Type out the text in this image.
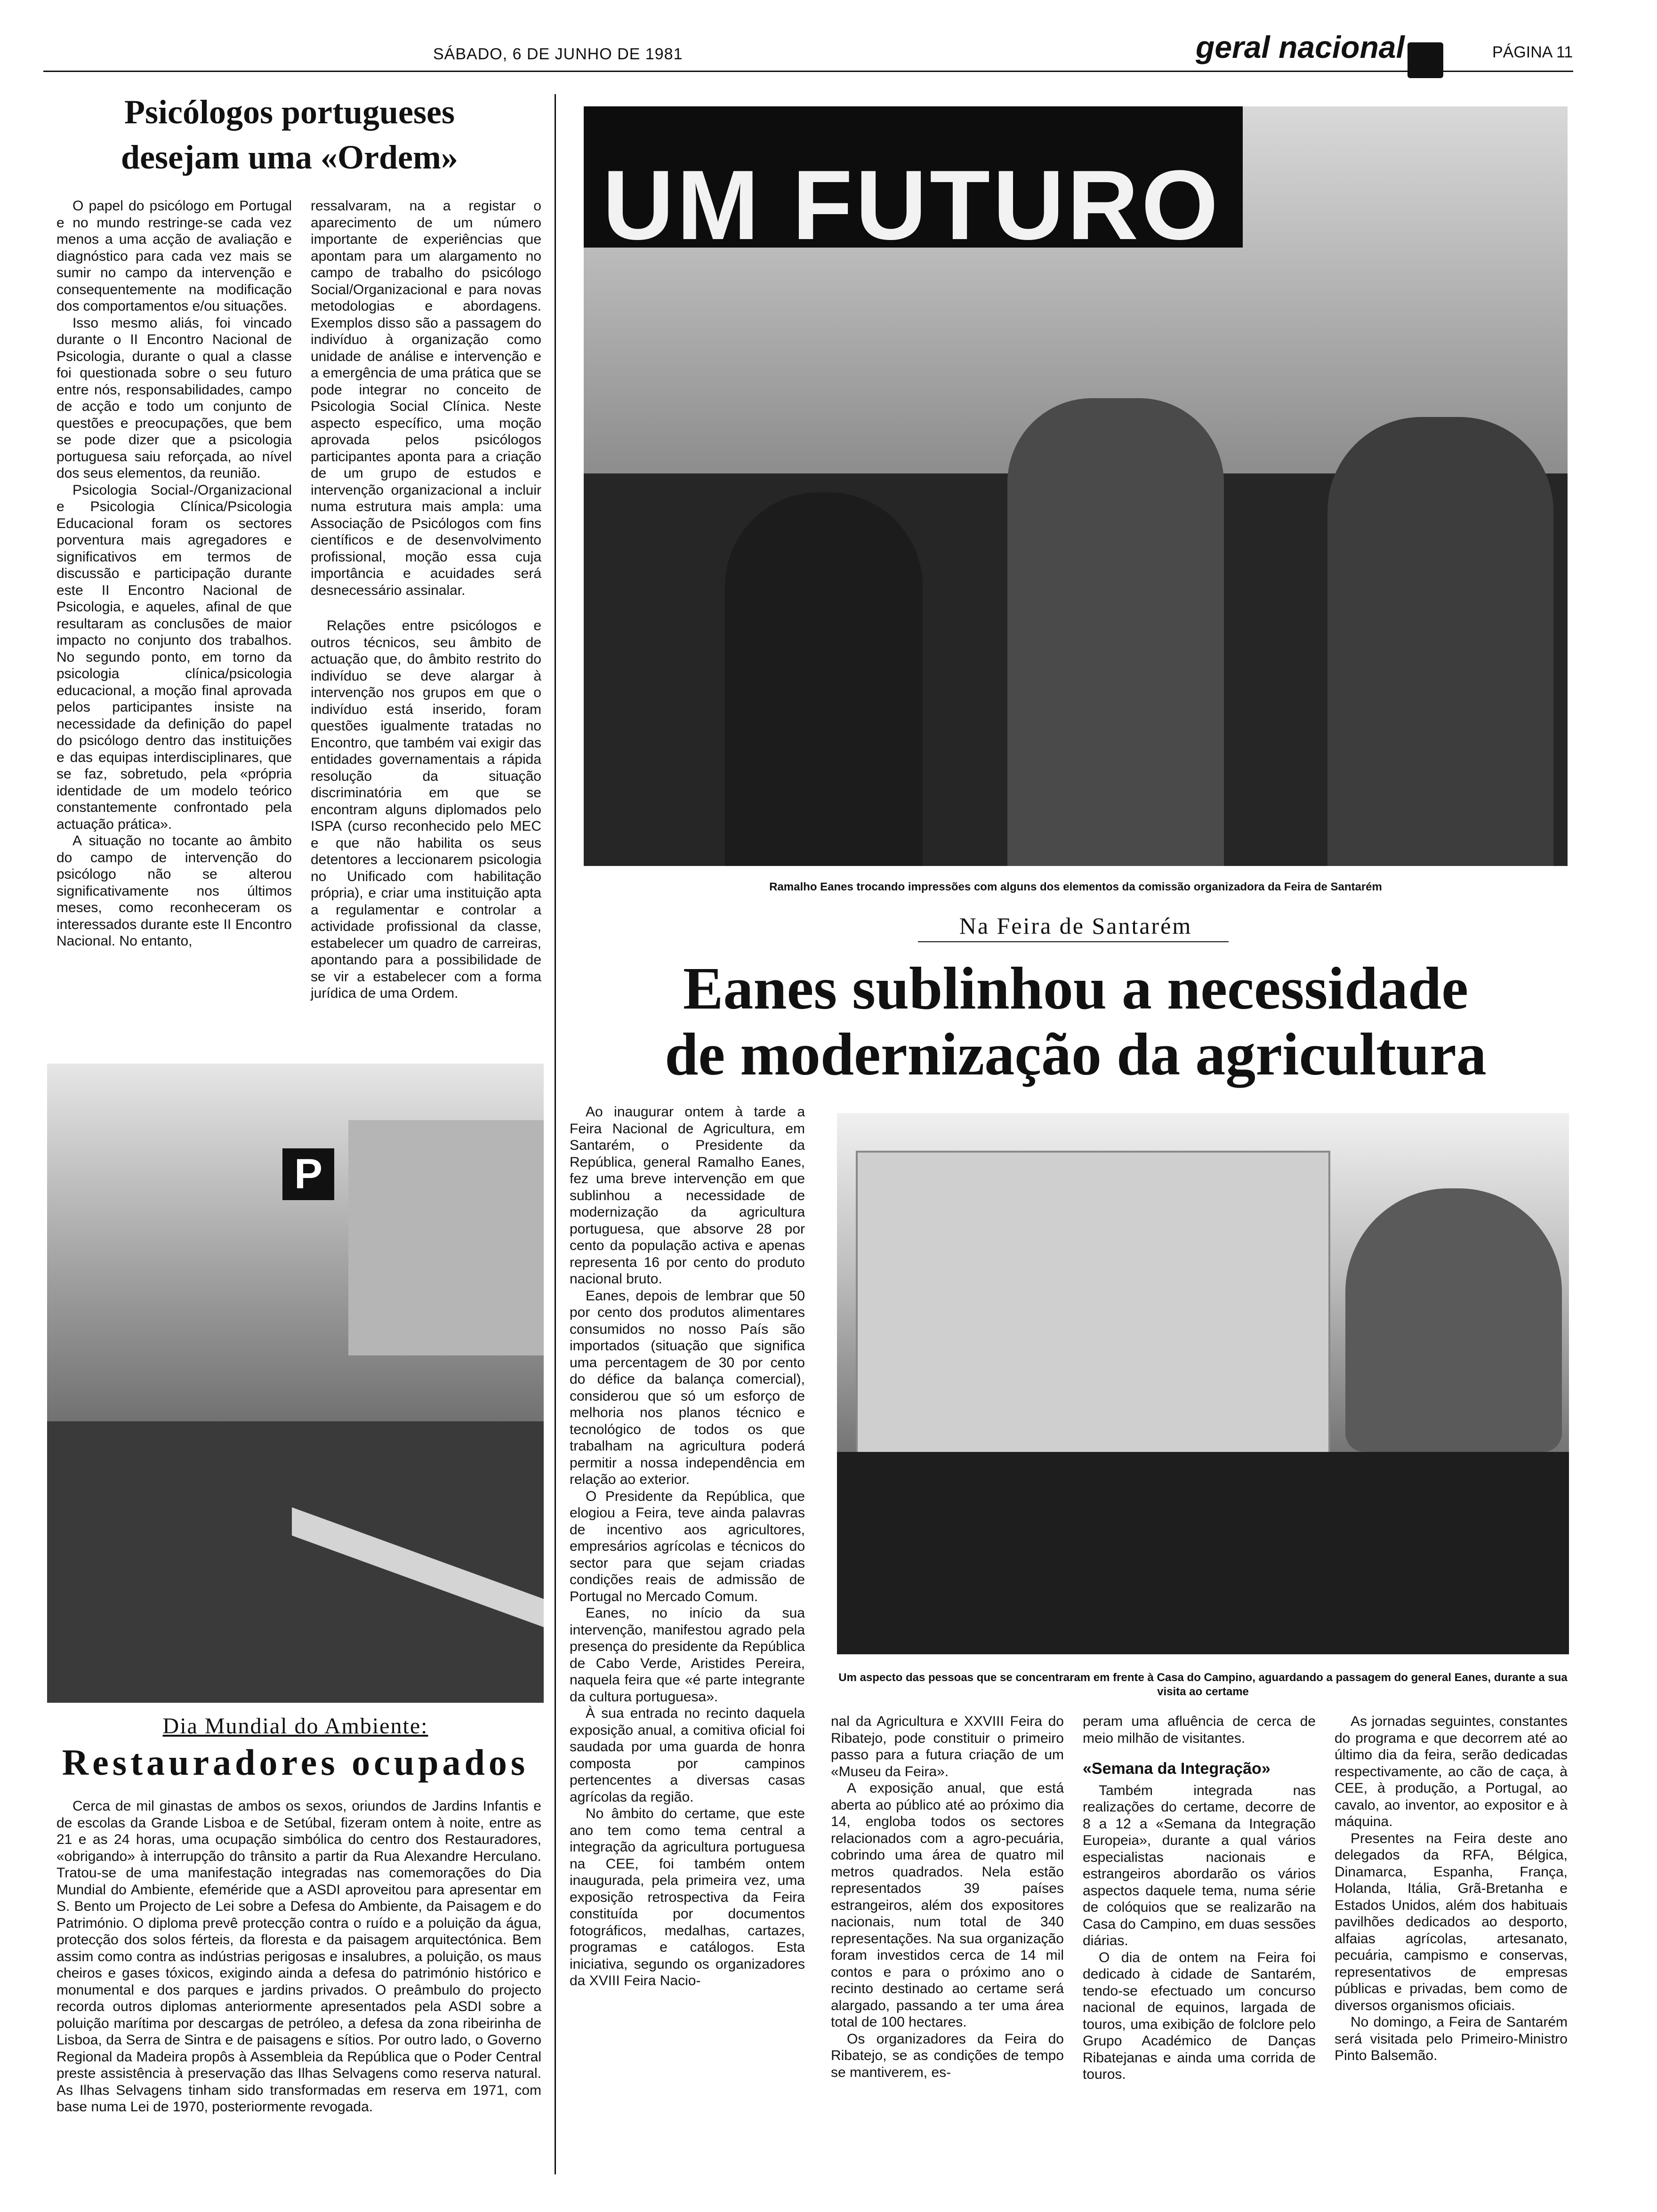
SÁBADO, 6 DE JUNHO DE 1981	geral nacional	PÁGINA 11
Psicólogos portugueses
desejam uma «Ordem»

O papel do psicólogo em Portugal e no mundo restringe-se cada vez menos a uma acção de avaliação e diagnóstico para cada vez mais se sumir no campo da intervenção e consequentemente na modificação dos comportamentos e/ou situações.

Isso mesmo aliás, foi vincado durante o II Encontro Nacional de Psicologia, durante o qual a classe foi questionada sobre o seu futuro entre nós, responsabilidades, campo de acção e todo um conjunto de questões e preocupações, que bem se pode dizer que a psicologia portuguesa saiu reforçada, ao nível dos seus elementos, da reunião.

Psicologia Social-/Organizacional e Psicologia Clínica/Psicologia Educacional foram os sectores porventura mais agregadores e significativos em termos de discussão e participação durante este II Encontro Nacional de Psicologia, e aqueles, afinal de que resultaram as conclusões de maior impacto no conjunto dos trabalhos. No segundo ponto, em torno da psicologia clínica/psicologia educacional, a moção final aprovada pelos participantes insiste na necessidade da definição do papel do psicólogo dentro das instituições e das equipas interdisciplinares, que se faz, sobretudo, pela «própria identidade de um modelo teórico constantemente confrontado pela actuação prática».

A situação no tocante ao âmbito do campo de intervenção do psicólogo não se alterou significativamente nos últimos meses, como reconheceram os interessados durante este II Encontro Nacional. No entanto,

ressalvaram, na a registar o aparecimento de um número importante de experiências que apontam para um alargamento no campo de trabalho do psicólogo Social/Organizacional e para novas metodologias e abordagens. Exemplos disso são a passagem do indivíduo à organização como unidade de análise e intervenção e a emergência de uma prática que se pode integrar no conceito de Psicologia Social Clínica. Neste aspecto específico, uma moção aprovada pelos psicólogos participantes aponta para a criação de um grupo de estudos e intervenção organizacional a incluir numa estrutura mais ampla: uma Associação de Psicólogos com fins científicos e de desenvolvimento profissional, moção essa cuja importância e acuidades será desnecessário assinalar.

Relações entre psicólogos e outros técnicos, seu âmbito de actuação que, do âmbito restrito do indivíduo se deve alargar à intervenção nos grupos em que o indivíduo está inserido, foram questões igualmente tratadas no Encontro, que também vai exigir das entidades governamentais a rápida resolução da situação discriminatória em que se encontram alguns diplomados pelo ISPA (curso reconhecido pelo MEC e que não habilita os seus detentores a leccionarem psicologia no Unificado com habilitação própria), e criar uma instituição apta a regulamentar e controlar a actividade profissional da classe, estabelecer um quadro de carreiras, apontando para a possibilidade de se vir a estabelecer com a forma jurídica de uma Ordem.

UM FUTURO
Ramalho Eanes trocando impressões com alguns dos elementos da comissão organizadora da Feira de Santarém
Na Feira de Santarém
Eanes sublinhou a necessidade
de modernização da agricultura

Ao inaugurar ontem à tarde a Feira Nacional de Agricultura, em Santarém, o Presidente da República, general Ramalho Eanes, fez uma breve intervenção em que sublinhou a necessidade de modernização da agricultura portuguesa, que absorve 28 por cento da população activa e apenas representa 16 por cento do produto nacional bruto.

Eanes, depois de lembrar que 50 por cento dos produtos alimentares consumidos no nosso País são importados (situação que significa uma percentagem de 30 por cento do défice da balança comercial), considerou que só um esforço de melhoria nos planos técnico e tecnológico de todos os que trabalham na agricultura poderá permitir a nossa independência em relação ao exterior.

O Presidente da República, que elogiou a Feira, teve ainda palavras de incentivo aos agricultores, empresários agrícolas e técnicos do sector para que sejam criadas condições reais de admissão de Portugal no Mercado Comum.

Eanes, no início da sua intervenção, manifestou agrado pela presença do presidente da República de Cabo Verde, Aristides Pereira, naquela feira que «é parte integrante da cultura portuguesa».

À sua entrada no recinto daquela exposição anual, a comitiva oficial foi saudada por uma guarda de honra composta por campinos pertencentes a diversas casas agrícolas da região.

No âmbito do certame, que este ano tem como tema central a integração da agricultura portuguesa na CEE, foi também ontem inaugurada, pela primeira vez, uma exposição retrospectiva da Feira constituída por documentos fotográficos, medalhas, cartazes, programas e catálogos. Esta iniciativa, segundo os organizadores da XVIII Feira Nacio-

Um aspecto das pessoas que se concentraram em frente à Casa do Campino, aguardando a passagem do general Eanes, durante a sua visita ao certame

nal da Agricultura e XXVIII Feira do Ribatejo, pode constituir o primeiro passo para a futura criação de um «Museu da Feira».

A exposição anual, que está aberta ao público até ao próximo dia 14, engloba todos os sectores relacionados com a agro-pecuária, cobrindo uma área de quatro mil metros quadrados. Nela estão representados 39 países estrangeiros, além dos expositores nacionais, num total de 340 representações. Na sua organização foram investidos cerca de 14 mil contos e para o próximo ano o recinto destinado ao certame será alargado, passando a ter uma área total de 100 hectares.

Os organizadores da Feira do Ribatejo, se as condições de tempo se mantiverem, es-

peram uma afluência de cerca de meio milhão de visitantes.

«Semana da Integração»

Também integrada nas realizações do certame, decorre de 8 a 12 a «Semana da Integração Europeia», durante a qual vários especialistas nacionais e estrangeiros abordarão os vários aspectos daquele tema, numa série de colóquios que se realizarão na Casa do Campino, em duas sessões diárias.

O dia de ontem na Feira foi dedicado à cidade de Santarém, tendo-se efectuado um concurso nacional de equinos, largada de touros, uma exibição de folclore pelo Grupo Académico de Danças Ribatejanas e ainda uma corrida de touros.

As jornadas seguintes, constantes do programa e que decorrem até ao último dia da feira, serão dedicadas respectivamente, ao cão de caça, à CEE, à produção, a Portugal, ao cavalo, ao inventor, ao expositor e à máquina.

Presentes na Feira deste ano delegados da RFA, Bélgica, Dinamarca, Espanha, França, Holanda, Itália, Grã-Bretanha e Estados Unidos, além dos habituais pavilhões dedicados ao desporto, alfaias agrícolas, artesanato, pecuária, campismo e conservas, representativos de empresas públicas e privadas, bem como de diversos organismos oficiais.

No domingo, a Feira de Santarém será visitada pelo Primeiro-Ministro Pinto Balsemão.

P
Dia Mundial do Ambiente:
Restauradores ocupados

Cerca de mil ginastas de ambos os sexos, oriundos de Jardins Infantis e de escolas da Grande Lisboa e de Setúbal, fizeram ontem à noite, entre as 21 e as 24 horas, uma ocupação simbólica do centro dos Restauradores, «obrigando» à interrupção do trânsito a partir da Rua Alexandre Herculano. Tratou-se de uma manifestação integradas nas comemorações do Dia Mundial do Ambiente, efeméride que a ASDI aproveitou para apresentar em S. Bento um Projecto de Lei sobre a Defesa do Ambiente, da Paisagem e do Património. O diploma prevê protecção contra o ruído e a poluição da água, protecção dos solos férteis, da floresta e da paisagem arquitectónica. Bem assim como contra as indústrias perigosas e insalubres, a poluição, os maus cheiros e gases tóxicos, exigindo ainda a defesa do património histórico e monumental e dos parques e jardins privados. O preâmbulo do projecto recorda outros diplomas anteriormente apresentados pela ASDI sobre a poluição marítima por descargas de petróleo, a defesa da zona ribeirinha de Lisboa, da Serra de Sintra e de paisagens e sítios. Por outro lado, o Governo Regional da Madeira propôs à Assembleia da República que o Poder Central preste assistência à preservação das Ilhas Selvagens como reserva natural. As Ilhas Selvagens tinham sido transformadas em reserva em 1971, com base numa Lei de 1970, posteriormente revogada.
